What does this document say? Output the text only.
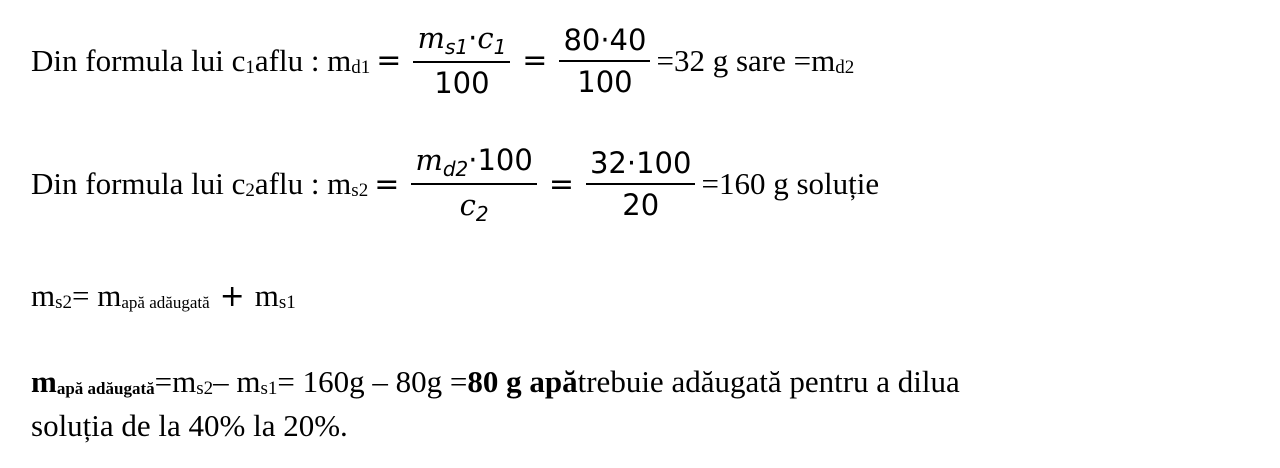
Din formula lui c 1 aflu : m $d1 = \frac{m_{s1}\cdot c_1}{100} = \frac{80\cdot 40}{100} =32$ g sare =m d2
Din formula lui c 2 aflu : m $s2 = \frac{m_{d2}\cdot 100}{c_2} = \frac{32\cdot 100}{20} =160$ g soluție
m s2 = m apă adăugată + m s1
m apă adăugată =m s2 – m s1 = 160g – 80g = 80 g apă trebuie adăugată pentru a dilua
soluția de la 40% la 20%.
